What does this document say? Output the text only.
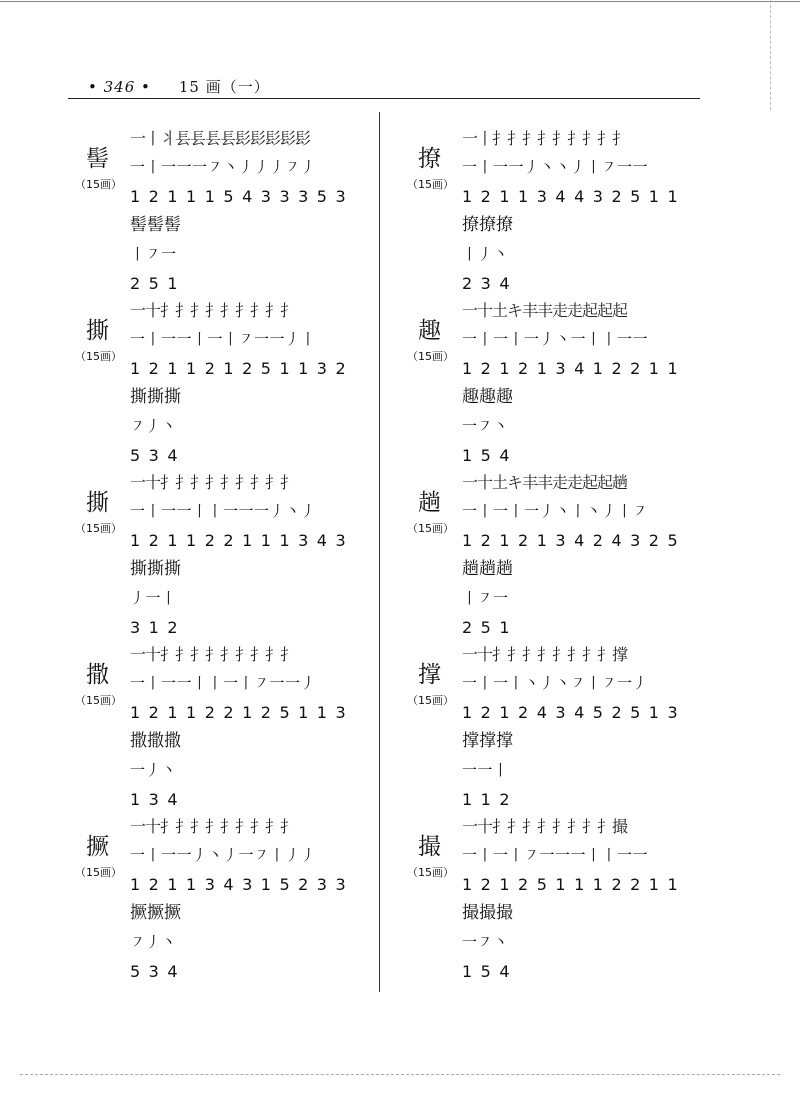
• 346 • 15 画（一）
髻
（15画）
一丨丬镸镸镸镸髟髟髟髟髟
一丨一一一㇇丶丿丿丿㇇丿
121115433353
髻髻髻
丨㇇一
251
撕
（15画）
一十扌扌扌扌扌扌扌扌扌
一丨一一丨一丨㇇一一丿丨
121121251132
撕撕撕
㇇丿丶
534
撕
（15画）
一十扌扌扌扌扌扌扌扌扌
一丨一一丨丨一一一丿丶丿
121122111343
撕撕撕
丿一丨
312
撒
（15画）
一十扌扌扌扌扌扌扌扌扌
一丨一一丨丨一丨㇇一一丿
121122125113
撒撒撒
一丿丶
134
撅
（15画）
一十扌扌扌扌扌扌扌扌扌
一丨一一丿丶丿一㇇丨丿丿
121134315233
撅撅撅
㇇丿丶
534
撩
（15画）
一丨扌扌扌扌扌扌扌扌扌
一丨一一丿丶丶丿丨㇇一一
121134432511
撩撩撩
丨丿丶
234
趣
（15画）
一十土キ丰丰走走起起起
一丨一丨一丿丶一丨丨一一
121213412211
趣趣趣
一㇇丶
154
趟
（15画）
一十土キ丰丰走走起起趟
一丨一丨一丿丶丨丶丿丨㇇
121213424325
趟趟趟
丨㇇一
251
撑
（15画）
一十扌扌扌扌扌扌扌扌撑
一丨一丨丶丿丶㇇丨㇇一丿
121243452513
撑撑撑
一一丨
112
撮
（15画）
一十扌扌扌扌扌扌扌扌撮
一丨一丨㇇一一一丨丨一一
121251112211
撮撮撮
一㇇丶
154
